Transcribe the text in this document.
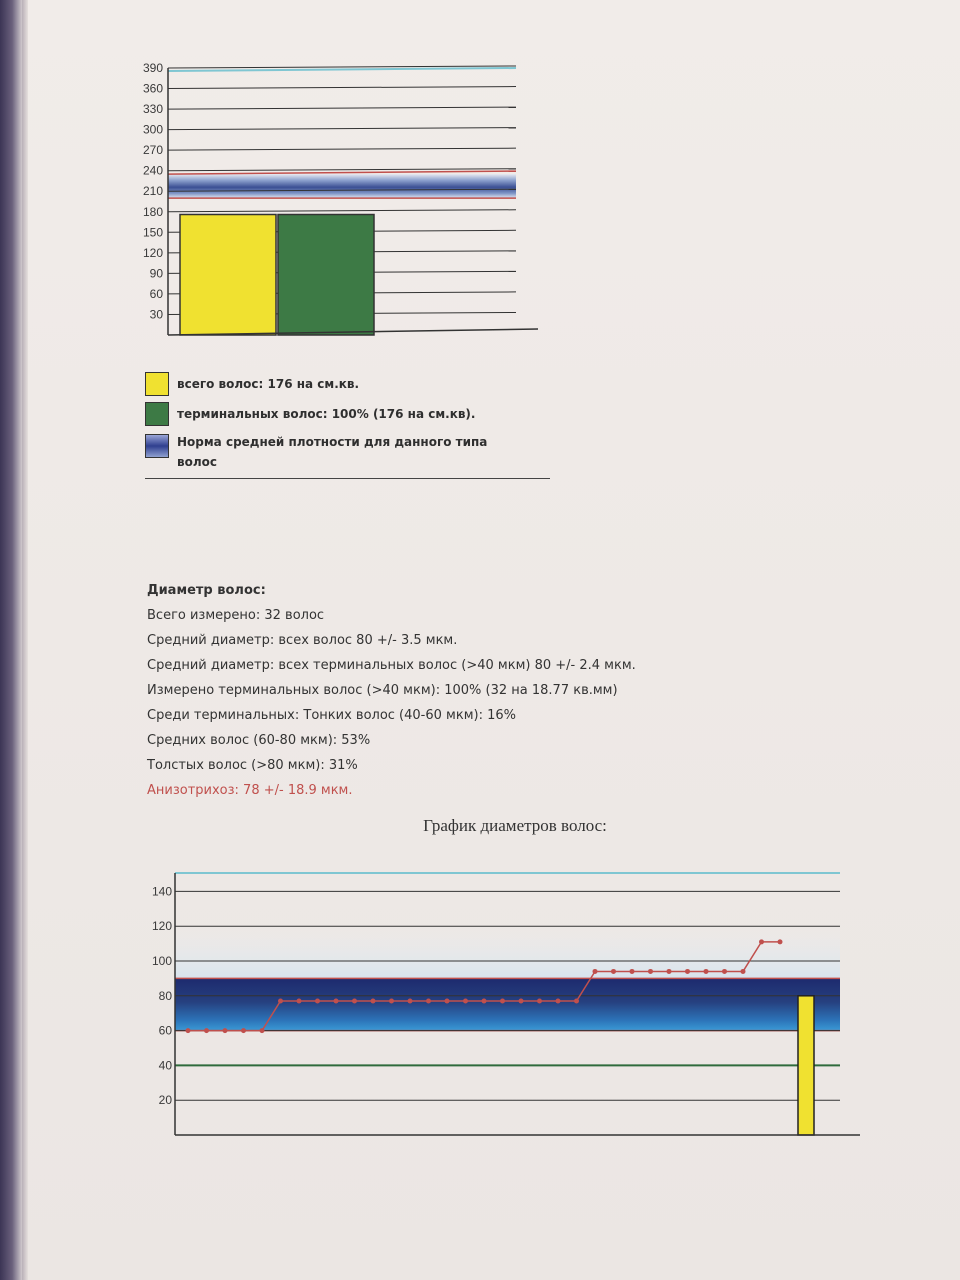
390
360
330
300
270
240
210
180
150
120
90
60
30
всего волос: 176 на см.кв.
терминальных волос: 100% (176 на см.кв).
Норма средней плотности для данного типа волос
Диаметр волос:
Всего измерено: 32 волос
Средний диаметр: всех волос 80 +/- 3.5 мкм.
Средний диаметр: всех терминальных волос (>40 мкм) 80 +/- 2.4 мкм.
Измерено терминальных волос (>40 мкм): 100% (32 на 18.77 кв.мм)
Среди терминальных: Тонких волос (40-60 мкм): 16%
Средних волос (60-80 мкм): 53%
Толстых волос (>80 мкм): 31%
Анизотрихоз: 78 +/- 18.9 мкм.
График диаметров волос:
140
120
100
80
60
40
20
